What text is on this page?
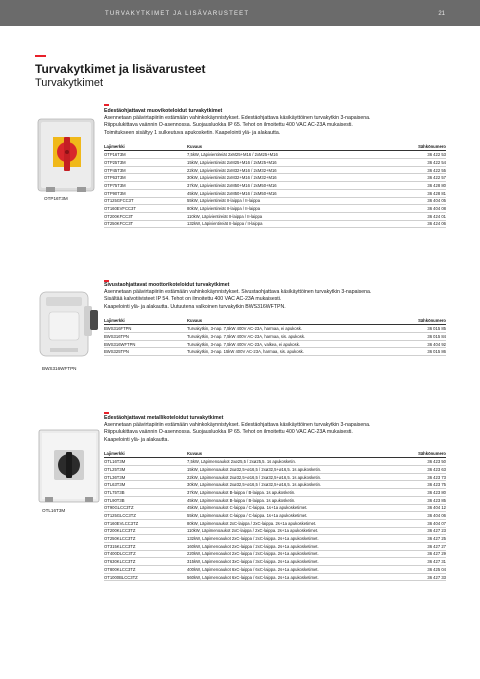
TURVAKYTKIMET JA LISÄVARUSTEET	21
Turvakytkimet ja lisävarusteet
Turvakytkimet
OTP16T3M
Edestäohjattavat muovikoteloidut turvakytkimet
Asennetaan päävirtapiiriin estämään vahinkokäynnistykset. Edestäohjattava käsikäyttöinen turvakytkin 3-napaisena.
Riippulukittava vaännin O-asennossa. Suojausluokka IP 65. Tehot on ilmoitettu 400 VAC AC-23A mukaisesti.
Toimitukseen sisältyy 1 sulkeutuva apukosketin. Kaapelointi ylä- ja alakautta.
Lajimerkki	Kuvaus	Sähkönumero
OTP16T3M	7,5kW, Läpivientireiät 2xM25+M16 / 2xM25+M16	36 422 53
OTP25T3M	15kW, Läpivientireiät 2xM25+M16 / 2xM25+M16	36 422 54
OTP45T3M	22kW, Läpivientireiät 2xM32+M16 / 2xM32+M16	36 422 55
OTP63T3M	30kW, Läpivientireiät 2xM32+M16 / 2xM32+M16	36 422 57
OTP75T3M	37kW, Läpivientireiät 2xM50+M16 / 2xM50+M16	36 428 80
OTP90T3M	45kW, Läpivientireiät 2xM50+M16 / 2xM50+M16	36 428 81
OT125GFCC3T	55kW, Läpivientireiät II-laippa / II-laippa	36 404 05
OT160EVFCC3T	80kW, Läpivientireiät II-laippa / II-laippa	36 404 08
OT200KFCC3T	110kW, Läpivientireiät II-laippa / II-laippa	36 424 01
OT250KFCC3T	132kW, Läpivientireiät II-laippa / II-laippa	36 424 06
BWS316WFTPN
Sivustaohjattavat moottorikoteloidut turvakytkimet
Asennetaan päävirtapiiriin estämään vahinkokäynnistykset. Sivustaohjattava käsikäyttöinen turvakytkin 3-napaisena.
Sisältää kalvotiivisteet IP 54. Tehot on ilmoitettu 400 VAC AC-23A mukaisesti.
Kaapelointi ylä- ja alakautta. Uutuutena valkoinen turvakytkin BWS316WFTPN.
Lajimerkki	Kuvaus	Sähkönumero
BWS316FTPN	Turvakytkin, 3-nap. 7,5kW 400V AC-23A, harmaa, ei apukosk.	36 015 85
BWS316TPN	Turvakytkin, 3-nap. 7,5kW 400V AC-23A, harmaa, sis. apukosk.	36 015 84
BWS316WFTPN	Turvakytkin, 3-nap. 7,5kW 400V AC-23A, valkea, ei apukosk.	36 404 92
BWS325TPN	Turvakytkin, 3-nap. 15kW 400V AC-23A, harmaa, sis. apukosk.	36 015 86
OTL16T3M
Edestäohjattavat metallikoteloidut turvakytkimet
Asennetaan päävirtapiiriin estämään vahinkokäynnistykset. Edestäohjattava käsikäyttöinen turvakytkin 3-napaisena.
Riippulukittava vaännin O-asennossa. Suojausluokka IP 65. Tehot on ilmoitettu 400 VAC AC-23A mukaisesti.
Kaapelointi ylä- ja alakautta.
Lajimerkki	Kuvaus	Sähkönumero
OTL16T3M	7,5kW, Läpimenoaukot 2xø25,5 / 2xø25,5. 1s apukosketin.	36 423 50
OTL25T3M	15kW, Läpimenoaukot 2xø32,5+ø16,5 / 2xø32,5+ø16,5. 1s apukosketin.	36 423 63
OTL36T3M	22kW, Läpimenoaukot 2xø32,5+ø16,5 / 2xø32,5+ø16,5. 1s apukosketin.	36 423 73
OTL63T3M	30kW, Läpimenoaukot 2xø32,5+ø16,5 / 2xø32,5+ø16,5. 1s apukosketin.	36 423 75
OTL75T3B	37kW, Läpimenoaukot B-laippa / B-laippa. 1s apukosketin.	36 423 80
OTL90T3B	45kW, Läpimenoaukot B-laippa / B-laippa. 1s apukosketin.	36 423 85
OT90GLCC3TZ	45kW, Läpimenoaukot C-laippa / C-laippa. 1s+1a apukosketimet.	36 404 12
OT125GLCC3TZ	55kW, Läpimenoaukot C-laippa / C-laippa. 1s+1a apukosketimet.	36 404 06
OT160EVLCC3TZ	80kW, Läpimenoaukot 2xC-laippa / 2xC-laippa. 2s+1a apukosketimet.	36 404 07
OT200KLCC3TZ	110kW, Läpimenoaukot 2xC-laippa / 2xC-laippa. 2s+1a apukosketimet.	36 427 23
OT250KLCC3TZ	132kW, Läpimenoaukot 2xC-laippa / 2xC-laippa. 2s+1a apukosketimet.	36 427 25
OT315KLCC3TZ	160kW, Läpimenoaukot 2xC-laippa / 2xC-laippa. 2s+1a apukosketimet.	36 427 27
OT400DLCC3TZ	220kW, Läpimenoaukot 2xC-laippa / 2xC-laippa. 2s+1a apukosketimet.	36 427 29
OT630KLCC3TZ	315kW, Läpimenoaukot 3xC-laippa / 3xC-laippa. 2s+1a apukosketimet.	36 427 31
OT800KLCC3TZ	400kW, Läpimenoaukot 6xC-laippa / 6xC-laippa. 2s+1a apukosketimet.	36 425 04
OT1000BLCC3TZ	560kW, Läpimenoaukot 6xC-laippa / 6xC-laippa. 2s+1a apukosketimet.	36 427 33
